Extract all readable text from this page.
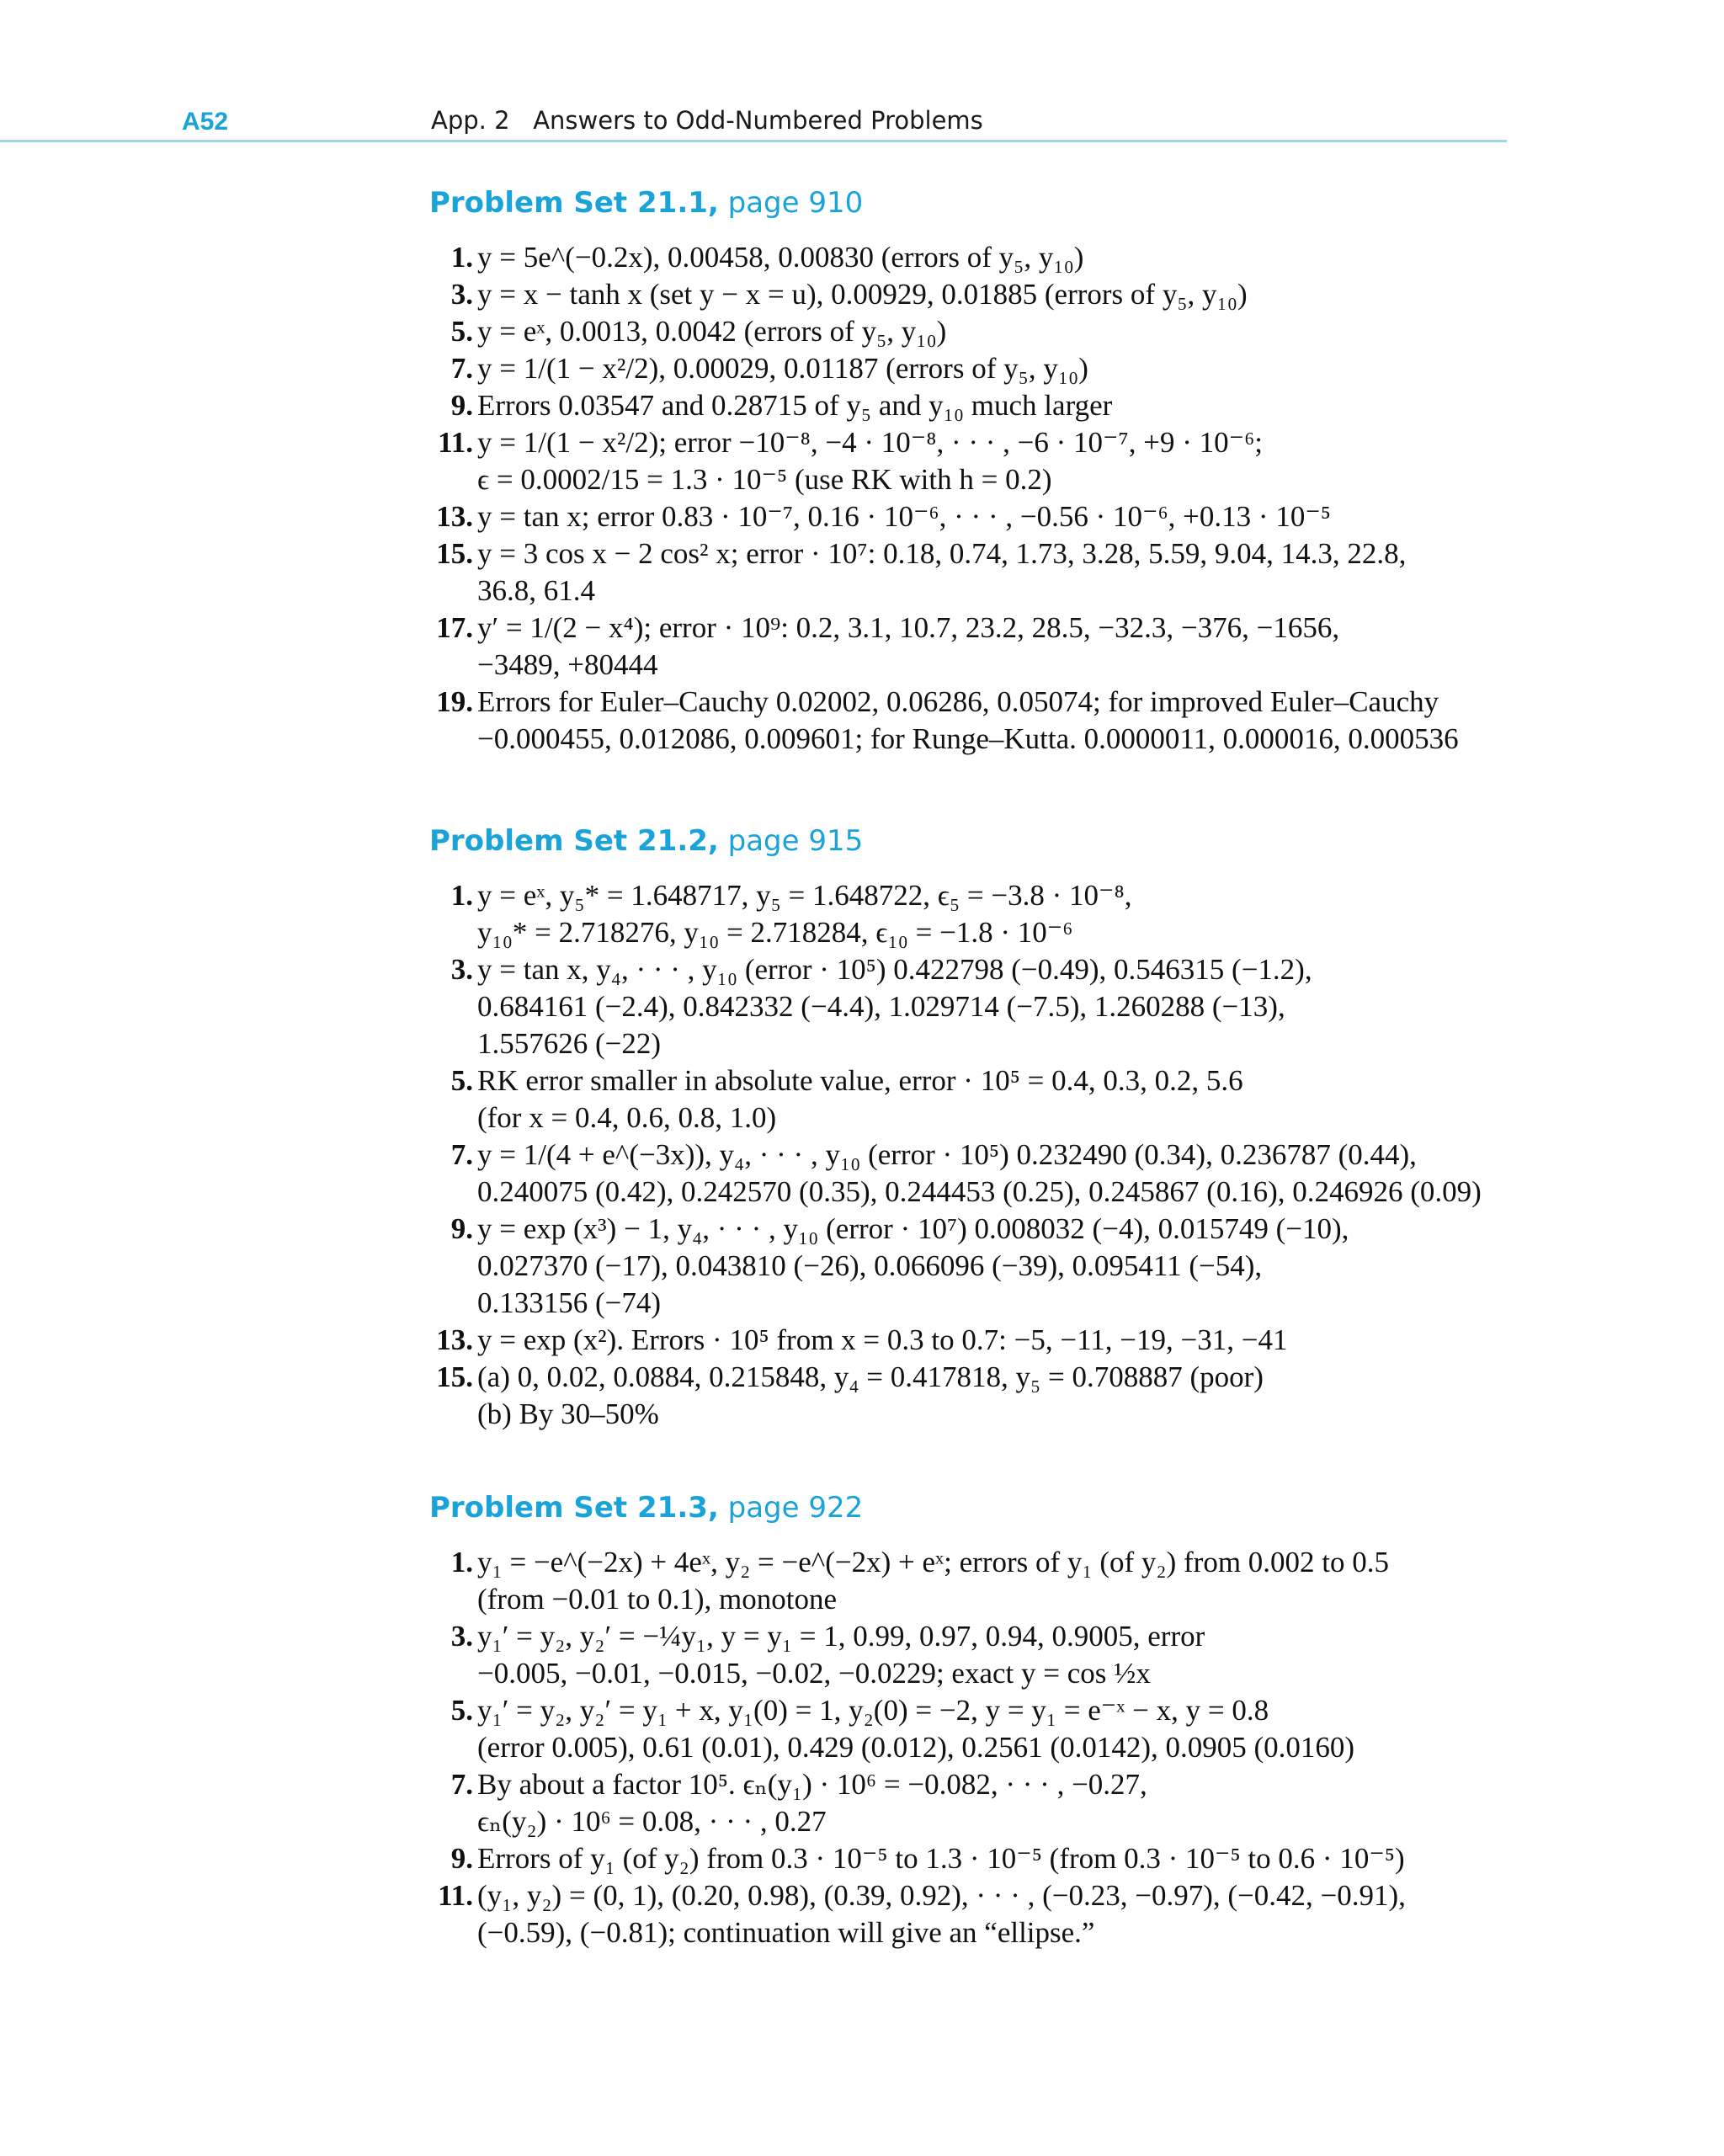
A52	App. 2   Answers to Odd-Numbered Problems
Problem Set 21.1, page 910
1. y = 5e^(−0.2x), 0.00458, 0.00830 (errors of y₅, y₁₀)
3. y = x − tanh x (set y − x = u), 0.00929, 0.01885 (errors of y₅, y₁₀)
5. y = eˣ, 0.0013, 0.0042 (errors of y₅, y₁₀)
7. y = 1/(1 − x²/2), 0.00029, 0.01187 (errors of y₅, y₁₀)
9. Errors 0.03547 and 0.28715 of y₅ and y₁₀ much larger
11. y = 1/(1 − x²/2); error −10⁻⁸, −4 · 10⁻⁸, · · · , −6 · 10⁻⁷, +9 · 10⁻⁶;
ϵ = 0.0002/15 = 1.3 · 10⁻⁵ (use RK with h = 0.2)
13. y = tan x; error 0.83 · 10⁻⁷, 0.16 · 10⁻⁶, · · · , −0.56 · 10⁻⁶, +0.13 · 10⁻⁵
15. y = 3 cos x − 2 cos² x; error · 10⁷: 0.18, 0.74, 1.73, 3.28, 5.59, 9.04, 14.3, 22.8,
36.8, 61.4
17. y′ = 1/(2 − x⁴); error · 10⁹: 0.2, 3.1, 10.7, 23.2, 28.5, −32.3, −376, −1656,
−3489, +80444
19. Errors for Euler–Cauchy 0.02002, 0.06286, 0.05074; for improved Euler–Cauchy
−0.000455, 0.012086, 0.009601; for Runge–Kutta. 0.0000011, 0.000016, 0.000536
Problem Set 21.2, page 915
1. y = eˣ, y₅* = 1.648717, y₅ = 1.648722, ϵ₅ = −3.8 · 10⁻⁸,
y₁₀* = 2.718276, y₁₀ = 2.718284, ϵ₁₀ = −1.8 · 10⁻⁶
3. y = tan x, y₄, · · · , y₁₀ (error · 10⁵) 0.422798 (−0.49), 0.546315 (−1.2),
0.684161 (−2.4), 0.842332 (−4.4), 1.029714 (−7.5), 1.260288 (−13),
1.557626 (−22)
5. RK error smaller in absolute value, error · 10⁵ = 0.4, 0.3, 0.2, 5.6
(for x = 0.4, 0.6, 0.8, 1.0)
7. y = 1/(4 + e^(−3x)), y₄, · · · , y₁₀ (error · 10⁵) 0.232490 (0.34), 0.236787 (0.44),
0.240075 (0.42), 0.242570 (0.35), 0.244453 (0.25), 0.245867 (0.16), 0.246926 (0.09)
9. y = exp (x³) − 1, y₄, · · · , y₁₀ (error · 10⁷) 0.008032 (−4), 0.015749 (−10),
0.027370 (−17), 0.043810 (−26), 0.066096 (−39), 0.095411 (−54),
0.133156 (−74)
13. y = exp (x²). Errors · 10⁵ from x = 0.3 to 0.7: −5, −11, −19, −31, −41
15. (a) 0, 0.02, 0.0884, 0.215848, y₄ = 0.417818, y₅ = 0.708887 (poor)
(b) By 30–50%
Problem Set 21.3, page 922
1. y₁ = −e^(−2x) + 4eˣ, y₂ = −e^(−2x) + eˣ; errors of y₁ (of y₂) from 0.002 to 0.5
(from −0.01 to 0.1), monotone
3. y₁′ = y₂, y₂′ = −¼y₁, y = y₁ = 1, 0.99, 0.97, 0.94, 0.9005, error
−0.005, −0.01, −0.015, −0.02, −0.0229; exact y = cos ½x
5. y₁′ = y₂, y₂′ = y₁ + x, y₁(0) = 1, y₂(0) = −2, y = y₁ = e⁻ˣ − x, y = 0.8
(error 0.005), 0.61 (0.01), 0.429 (0.012), 0.2561 (0.0142), 0.0905 (0.0160)
7. By about a factor 10⁵. ϵₙ(y₁) · 10⁶ = −0.082, · · · , −0.27,
ϵₙ(y₂) · 10⁶ = 0.08, · · · , 0.27
9. Errors of y₁ (of y₂) from 0.3 · 10⁻⁵ to 1.3 · 10⁻⁵ (from 0.3 · 10⁻⁵ to 0.6 · 10⁻⁵)
11. (y₁, y₂) = (0, 1), (0.20, 0.98), (0.39, 0.92), · · · , (−0.23, −0.97), (−0.42, −0.91),
(−0.59), (−0.81); continuation will give an “ellipse.”
